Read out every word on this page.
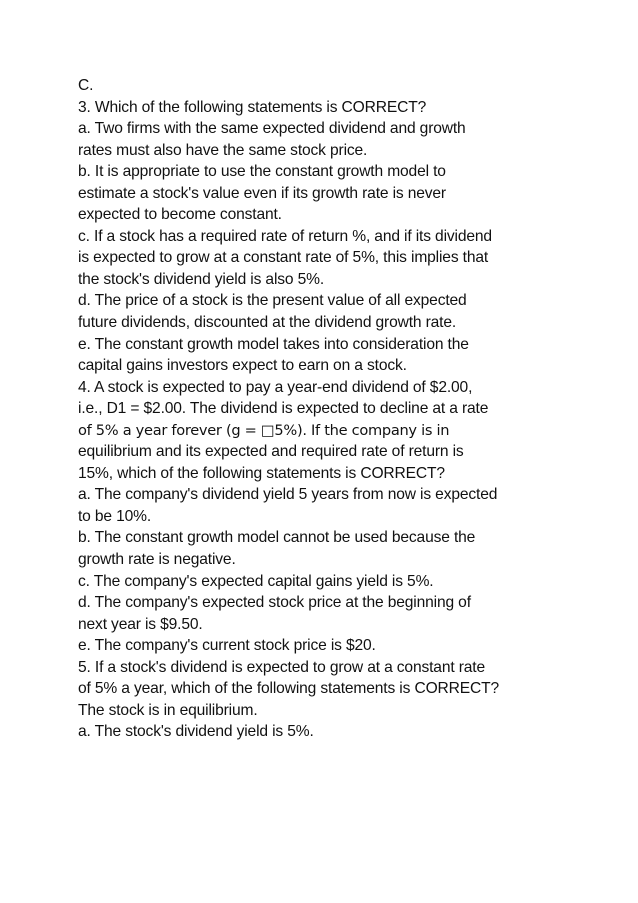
C.
3. Which of the following statements is CORRECT?
a. Two firms with the same expected dividend and growth
rates must also have the same stock price.
b. It is appropriate to use the constant growth model to
estimate a stock's value even if its growth rate is never
expected to become constant.
c. If a stock has a required rate of return %, and if its dividend
is expected to grow at a constant rate of 5%, this implies that
the stock's dividend yield is also 5%.
d. The price of a stock is the present value of all expected
future dividends, discounted at the dividend growth rate.
e. The constant growth model takes into consideration the
capital gains investors expect to earn on a stock.
4. A stock is expected to pay a year-end dividend of $2.00,
i.e., D1 = $2.00. The dividend is expected to decline at a rate
of 5% a year forever (g = □5%). If the company is in
equilibrium and its expected and required rate of return is
15%, which of the following statements is CORRECT?
a. The company's dividend yield 5 years from now is expected
to be 10%.
b. The constant growth model cannot be used because the
growth rate is negative.
c. The company's expected capital gains yield is 5%.
d. The company's expected stock price at the beginning of
next year is $9.50.
e. The company's current stock price is $20.
5. If a stock's dividend is expected to grow at a constant rate
of 5% a year, which of the following statements is CORRECT?
The stock is in equilibrium.
a. The stock's dividend yield is 5%.
